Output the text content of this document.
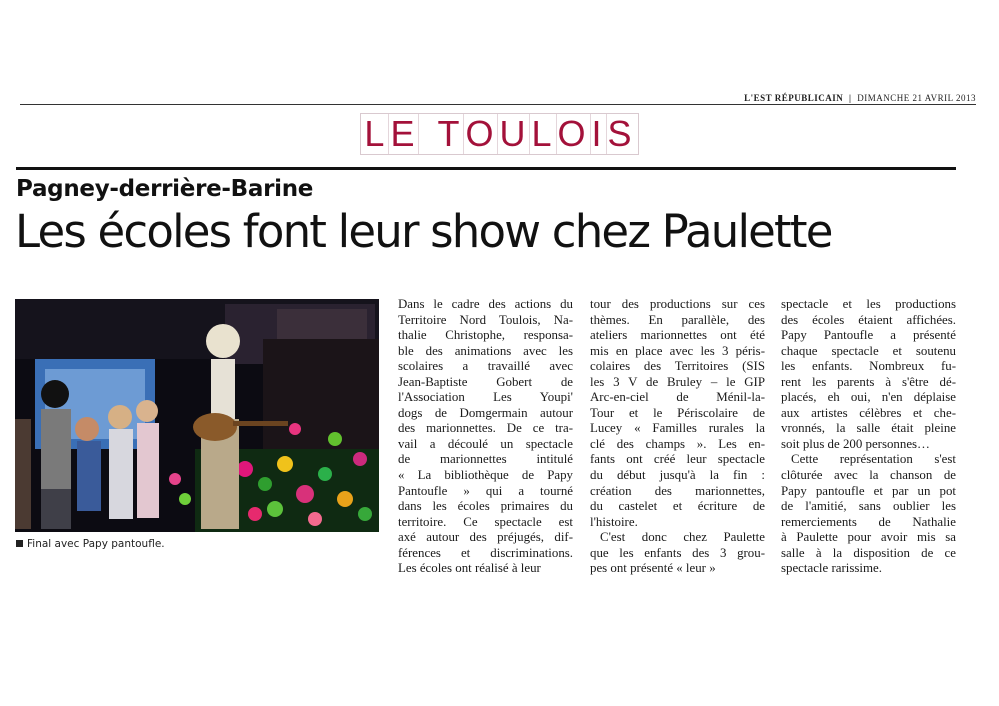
L'EST RÉPUBLICAIN | DIMANCHE 21 AVRIL 2013
LE TOULOIS
Pagney-derrière-Barine
Les écoles font leur show chez Paulette
Final avec Papy pantoufle.
Dans le cadre des actions du
Territoire Nord Toulois, Na-
thalie Christophe, responsa-
ble des animations avec les
scolaires a travaillé avec
Jean-Baptiste Gobert de
l'Association Les Youpi'
dogs de Domgermain autour
des marionnettes. De ce tra-
vail a découlé un spectacle
de marionnettes intitulé
« La bibliothèque de Papy
Pantoufle » qui a tourné
dans les écoles primaires du
territoire. Ce spectacle est
axé autour des préjugés, dif-
férences et discriminations.
Les écoles ont réalisé à leur
tour des productions sur ces
thèmes. En parallèle, des
ateliers marionnettes ont été
mis en place avec les 3 péris-
colaires des Territoires (SIS
les 3 V de Bruley – le GIP
Arc-en-ciel de Ménil-la-
Tour et le Périscolaire de
Lucey « Familles rurales la
clé des champs ». Les en-
fants ont créé leur spectacle
du début jusqu'à la fin :
création des marionnettes,
du castelet et écriture de
l'histoire.
C'est donc chez Paulette
que les enfants des 3 grou-
pes ont présenté « leur »
spectacle et les productions
des écoles étaient affichées.
Papy Pantoufle a présenté
chaque spectacle et soutenu
les enfants. Nombreux fu-
rent les parents à s'être dé-
placés, eh oui, n'en déplaise
aux artistes célèbres et che-
vronnés, la salle était pleine
soit plus de 200 personnes…
Cette représentation s'est
clôturée avec la chanson de
Papy pantoufle et par un pot
de l'amitié, sans oublier les
remerciements de Nathalie
à Paulette pour avoir mis sa
salle à la disposition de ce
spectacle rarissime.
